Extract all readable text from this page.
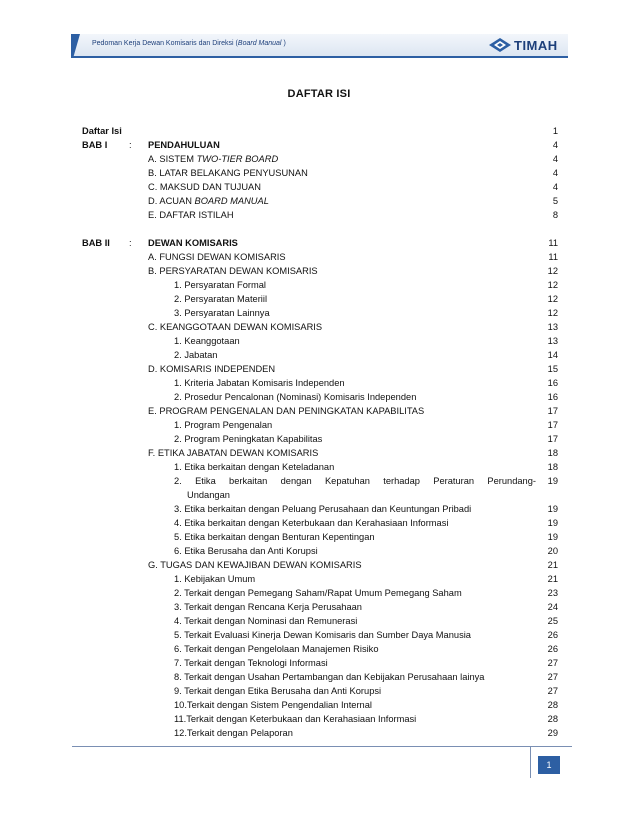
Pedoman Kerja Dewan Komisaris dan Direksi (Board Manual )	TIMAH
DAFTAR ISI
Daftar Isi	1
BAB I : PENDAHULUAN	4
A. SISTEM TWO-TIER BOARD	4
B. LATAR BELAKANG PENYUSUNAN	4
C. MAKSUD DAN TUJUAN	4
D. ACUAN BOARD MANUAL	5
E. DAFTAR ISTILAH	8
BAB II : DEWAN KOMISARIS	11
A. FUNGSI DEWAN KOMISARIS	11
B. PERSYARATAN DEWAN KOMISARIS	12
1. Persyaratan Formal	12
2. Persyaratan Materiil	12
3. Persyaratan Lainnya	12
C. KEANGGOTAAN DEWAN KOMISARIS	13
1. Keanggotaan	13
2. Jabatan	14
D. KOMISARIS INDEPENDEN	15
1. Kriteria Jabatan Komisaris Independen	16
2. Prosedur Pencalonan (Nominasi) Komisaris Independen	16
E. PROGRAM PENGENALAN DAN PENINGKATAN KAPABILITAS	17
1. Program Pengenalan	17
2. Program Peningkatan Kapabilitas	17
F. ETIKA JABATAN DEWAN KOMISARIS	18
1. Etika berkaitan dengan Keteladanan	18
2. Etika berkaitan dengan Kepatuhan terhadap Peraturan Perundang- 19
Undangan
3. Etika berkaitan dengan Peluang Perusahaan dan Keuntungan Pribadi	19
4. Etika berkaitan dengan Keterbukaan dan Kerahasiaan Informasi	19
5. Etika berkaitan dengan Benturan Kepentingan	19
6. Etika Berusaha dan Anti Korupsi	20
G. TUGAS DAN KEWAJIBAN DEWAN KOMISARIS	21
1. Kebijakan Umum	21
2. Terkait dengan Pemegang Saham/Rapat Umum Pemegang Saham	23
3. Terkait dengan Rencana Kerja Perusahaan	24
4. Terkait dengan Nominasi dan Remunerasi	25
5. Terkait Evaluasi Kinerja Dewan Komisaris dan Sumber Daya Manusia	26
6. Terkait dengan Pengelolaan Manajemen Risiko	26
7. Terkait dengan Teknologi Informasi	27
8. Terkait dengan Usahan Pertambangan dan Kebijakan Perusahaan lainya	27
9. Terkait dengan Etika Berusaha dan Anti Korupsi	27
10.Terkait dengan Sistem Pengendalian Internal	28
11.Terkait dengan Keterbukaan dan Kerahasiaan Informasi	28
12.Terkait dengan Pelaporan	29
1
